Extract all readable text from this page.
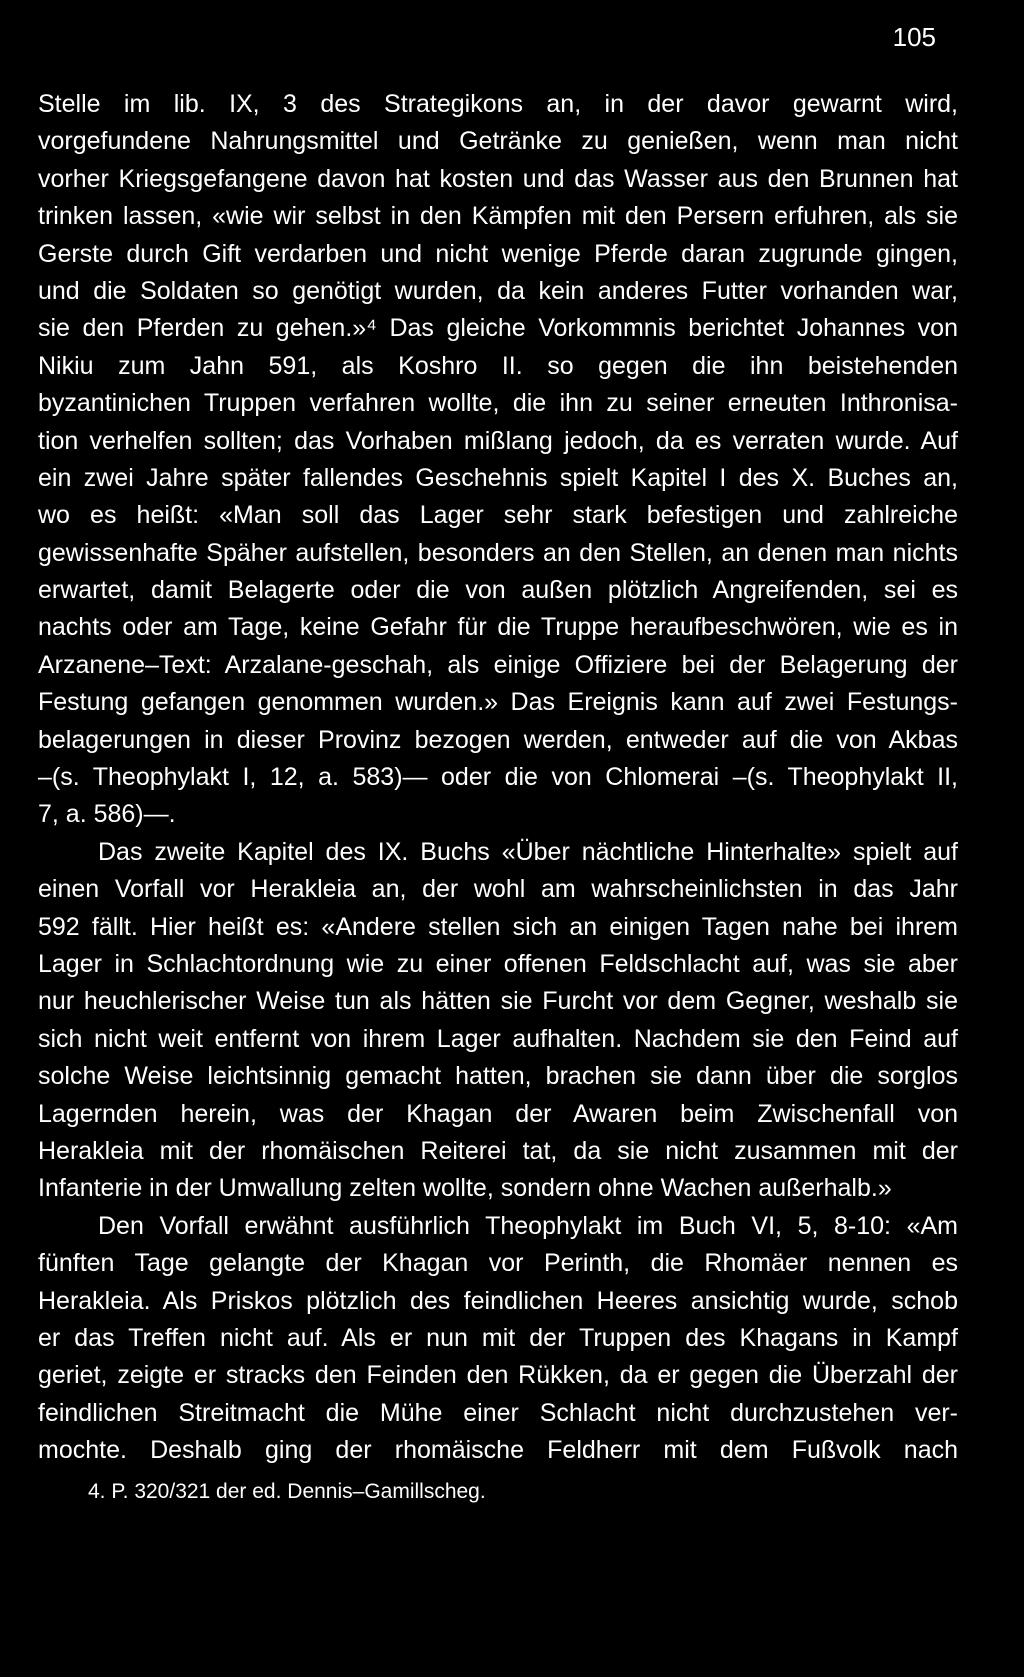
105
Stelle im lib. IX, 3 des Strategikons an, in der davor gewarnt wird,
vorgefundene Nahrungsmittel und Getränke zu genießen, wenn man nicht
vorher Kriegsgefangene davon hat kosten und das Wasser aus den Brunnen hat
trinken lassen, «wie wir selbst in den Kämpfen mit den Persern erfuhren, als sie
Gerste durch Gift verdarben und nicht wenige Pferde daran zugrunde gingen,
und die Soldaten so genötigt wurden, da kein anderes Futter vorhanden war,
sie den Pferden zu gehen.»⁴ Das gleiche Vorkommnis berichtet Johannes von
Nikiu zum Jahn 591, als Koshro II. so gegen die ihn beistehenden
byzantinichen Truppen verfahren wollte, die ihn zu seiner erneuten Inthronisa-
tion verhelfen sollten; das Vorhaben mißlang jedoch, da es verraten wurde. Auf
ein zwei Jahre später fallendes Geschehnis spielt Kapitel I des X. Buches an,
wo es heißt: «Man soll das Lager sehr stark befestigen und zahlreiche
gewissenhafte Späher aufstellen, besonders an den Stellen, an denen man nichts
erwartet, damit Belagerte oder die von außen plötzlich Angreifenden, sei es
nachts oder am Tage, keine Gefahr für die Truppe heraufbeschwören, wie es in
Arzanene–Text: Arzalane-geschah, als einige Offiziere bei der Belagerung der
Festung gefangen genommen wurden.» Das Ereignis kann auf zwei Festungs-
belagerungen in dieser Provinz bezogen werden, entweder auf die von Akbas
–(s. Theophylakt I, 12, a. 583)— oder die von Chlomerai –(s. Theophylakt II,
7, a. 586)—.
Das zweite Kapitel des IX. Buchs «Über nächtliche Hinterhalte» spielt auf
einen Vorfall vor Herakleia an, der wohl am wahrscheinlichsten in das Jahr
592 fällt. Hier heißt es: «Andere stellen sich an einigen Tagen nahe bei ihrem
Lager in Schlachtordnung wie zu einer offenen Feldschlacht auf, was sie aber
nur heuchlerischer Weise tun als hätten sie Furcht vor dem Gegner, weshalb sie
sich nicht weit entfernt von ihrem Lager aufhalten. Nachdem sie den Feind auf
solche Weise leichtsinnig gemacht hatten, brachen sie dann über die sorglos
Lagernden herein, was der Khagan der Awaren beim Zwischenfall von
Herakleia mit der rhomäischen Reiterei tat, da sie nicht zusammen mit der
Infanterie in der Umwallung zelten wollte, sondern ohne Wachen außerhalb.»
Den Vorfall erwähnt ausführlich Theophylakt im Buch VI, 5, 8-10: «Am
fünften Tage gelangte der Khagan vor Perinth, die Rhomäer nennen es
Herakleia. Als Priskos plötzlich des feindlichen Heeres ansichtig wurde, schob
er das Treffen nicht auf. Als er nun mit der Truppen des Khagans in Kampf
geriet, zeigte er stracks den Feinden den Rükken, da er gegen die Überzahl der
feindlichen Streitmacht die Mühe einer Schlacht nicht durchzustehen ver-
mochte. Deshalb ging der rhomäische Feldherr mit dem Fußvolk nach
4. P. 320/321 der ed. Dennis–Gamillscheg.
